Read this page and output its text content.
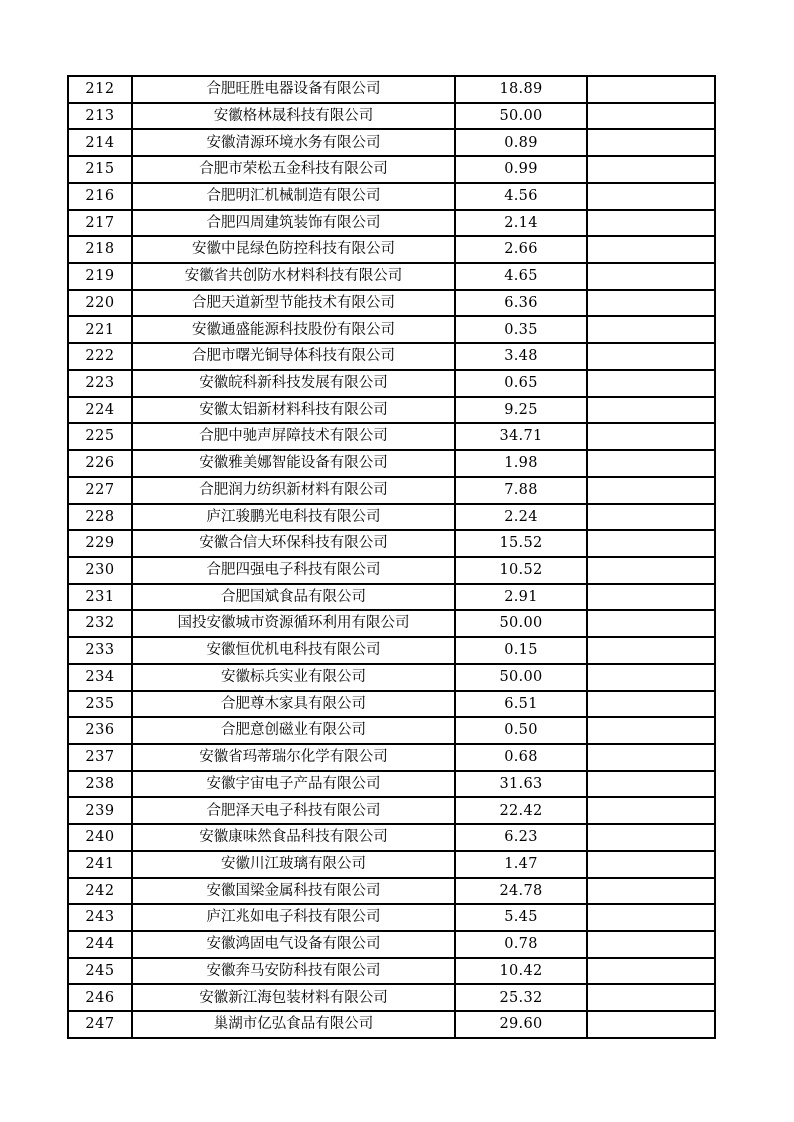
212	合肥旺胜电器设备有限公司	18.89	
213	安徽格林晟科技有限公司	50.00	
214	安徽清源环境水务有限公司	0.89	
215	合肥市荣松五金科技有限公司	0.99	
216	合肥明汇机械制造有限公司	4.56	
217	合肥四周建筑装饰有限公司	2.14	
218	安徽中昆绿色防控科技有限公司	2.66	
219	安徽省共创防水材料科技有限公司	4.65	
220	合肥天道新型节能技术有限公司	6.36	
221	安徽通盛能源科技股份有限公司	0.35	
222	合肥市曙光铜导体科技有限公司	3.48	
223	安徽皖科新科技发展有限公司	0.65	
224	安徽太铝新材料科技有限公司	9.25	
225	合肥中驰声屏障技术有限公司	34.71	
226	安徽雅美娜智能设备有限公司	1.98	
227	合肥润力纺织新材料有限公司	7.88	
228	庐江骏鹏光电科技有限公司	2.24	
229	安徽合信大环保科技有限公司	15.52	
230	合肥四强电子科技有限公司	10.52	
231	合肥国斌食品有限公司	2.91	
232	国投安徽城市资源循环利用有限公司	50.00	
233	安徽恒优机电科技有限公司	0.15	
234	安徽标兵实业有限公司	50.00	
235	合肥尊木家具有限公司	6.51	
236	合肥意创磁业有限公司	0.50	
237	安徽省玛蒂瑞尔化学有限公司	0.68	
238	安徽宇宙电子产品有限公司	31.63	
239	合肥泽天电子科技有限公司	22.42	
240	安徽康味然食品科技有限公司	6.23	
241	安徽川江玻璃有限公司	1.47	
242	安徽国梁金属科技有限公司	24.78	
243	庐江兆如电子科技有限公司	5.45	
244	安徽鸿固电气设备有限公司	0.78	
245	安徽奔马安防科技有限公司	10.42	
246	安徽新江海包装材料有限公司	25.32	
247	巢湖市亿弘食品有限公司	29.60	
